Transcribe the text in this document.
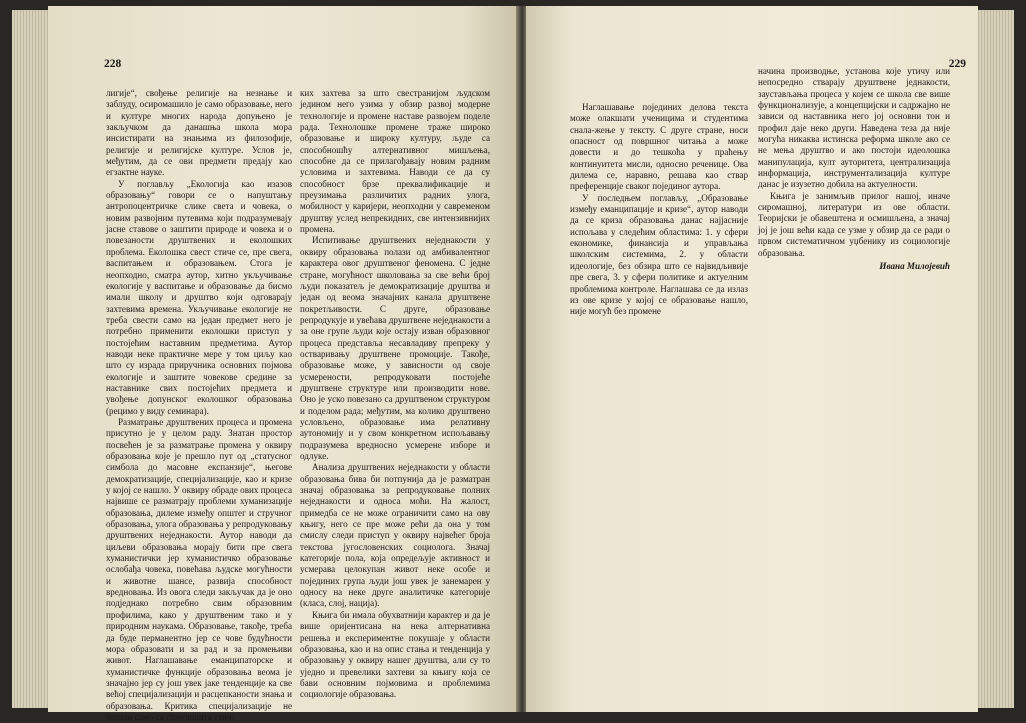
228

лигије“, свођење религије на незнање и заблуду, осиромашило је само образовање, него и културе многих народа допуњено је закључком да данашња школа мора инсистирати на знањима из филозофије, религије и религијске културе. Услов је, међутим, да се ови предмети предају као егзактне науке.

У поглављу „Екологија као изазов образовању“ говори се о напуштању антропоцентричке слике света и човека, о новим развојним путевима који подразумевају јасне ставове о заштити природе и човека и о повезаности друштвених и еколошких проблема. Еколошка свест стиче се, пре свега, васпитањем и образовањем. Стога је неопходно, сматра аутор, хитно укључивање екологије у васпитање и образовање да бисмо имали школу и друштво који одговарају захтевима времена. Укључивање екологије не треба свести само на један предмет него је потребно применити еколошки приступ у постојећим наставним предметима. Аутор наводи неке практичне мере у том циљу као што су израда приручника основних појмова екологије и заштите човекове средине за наставнике свих постојећих предмета и увођење допунског еколошког образовања (рецимо у виду семинара).

Разматрање друштвених процеса и промена присутно је у целом раду. Знатан простор посвећен је за разматрање промена у оквиру образовања које је прешло пут од „статусног симбола до масовне експанзије“, његове демократизације, специјализације, као и кризе у којој се нашло. У оквиру обраде ових процеса највише се разматрају проблеми хуманизације образовања, дилеме између општег и стручног образовања, улога образовања у репродуковању друштвених неједнакости. Аутор наводи да циљеви образовања морају бити пре свега хуманистички јер хуманистичко образовање ослобађа човека, повећава људске могућности и животне шансе, развија способност вредновања. Из овога следи закључак да је оно подједнако потребно свим образовним профилима, како у друштвеним тако и у природним наукама. Образовање, такође, треба да буде перманентно јер се чове будућности мора образовати и за рад и за промењиви живот. Наглашавање еманципаторске и хуманистичке функције образовања веома је значајно јер су још увек јаке тенденције ка све већој специјализацији и расцепканости знања и образовања. Критика специјализације не полази само са становишта етич-

ких захтева за што свестранијом људском једином него узима у обзир развој модерне технологије и промене наставе развојем поделе рада. Технолошке промене траже широко образовање и широку културу, људе са способношћу алтернативног мишљења, способне да се прилагођавају новим радним условима и захтевима. Наводи се да су способност брзе преквалификације и преузимања различитих радних улога, мобилност у каријери, неопходни у савременом друштву услед непрекидних, све интензивнијих промена.

Испитивање друштвених неједнакости у оквиру образовања полази од амбивалентног карактера овог друштвеног феномена. С једне стране, могућност школовања за све већи број људи показатељ је демократизације друштва и један од веома значајних канала друштвене покретљивости. С друге, образовање репродукује и увећава друштвене неједнакости а за оне групе људи које остају изван образовног процеса представља несавладиву препреку у остваривању друштвене промоције. Такође, образовање може, у зависности од своје усмерености, репродуковати постојеће друштвене структуре или производити нове. Оно је уско повезано са друштвеном структуром и поделом рада; међутим, ма колико друштвено условљено, образовање има релативну аутономију и у свом конкретном испољавању подразумева вредносно усмерене изборе и одлуке.

Анализа друштвених неједнакости у области образовања бива би потпунија да је разматран значај образовања за репродуковање полних неједнакости и односа моћи. На жалост, примедба се не може ограничити само на ову књигу, него се пре може рећи да она у том смислу следи приступ у оквиру највећег броја текстова југословенских социолога. Значај категорије пола, која опредељује активност и усмерава целокупан живот неке особе и појединих група људи још увек је занемарен у односу на неке друге аналитичке категорије (класа, слој, нација).

Књига би имала обухватнији карактер и да је више оријентисана на нека алтернативна решења и експериментне покушаје у области образовања, као и на опис стања и тенденција у образовању у оквиру нашег друштва, али су то уједно и превелики захтеви за књигу која се бави основним појмовима и проблемима социологије образовања.

229

Наглашавање појединих делова текста може олакшати ученицима и студентима снала-жење у тексту. С друге стране, носи опасност од површног читања а може довести и до тешкоћа у праћењу континуитета мисли, односно реченице. Ова дилема се, наравно, решава као ствар преференције сваког појединог аутора.

У последњем поглављу, „Образовање између еманципације и кризе“, аутор наводи да се криза образовања данас најјасније испољава у следећим областима: 1. у сфери економике, финансија и управљања школским системима, 2. у области идеологије, без обзира што се највидљивије пре свега, 3. у сфери политике и актуелним проблемима контроле. Наглашава се да излаз из ове кризе у којој се образовање нашло, није могућ без промене

начина производње, установа које утичу или непосредно стварају друштвене једнакости, заустављања процеса у којем се школа све више функционализује, а концепцијски и садржајно не зависи од наставника него јој основни тон и профил даје неко други. Наведена теза да није могућа никаква истинска реформа школе ако се не мења друштво и ако постоји идеолошка манипулација, култ ауторитета, централизација информација, инструментализација културе данас је изузетно добила на актуелности.

Књига је занимљив прилог нашој, иначе сиромашној, литератури из ове области. Теоријски је обавештена и осмишљена, а значај јој је још већи када се узме у обзир да се ради о првом систематичном уџбенику из социологије образовања.

Ивана Милојевић
